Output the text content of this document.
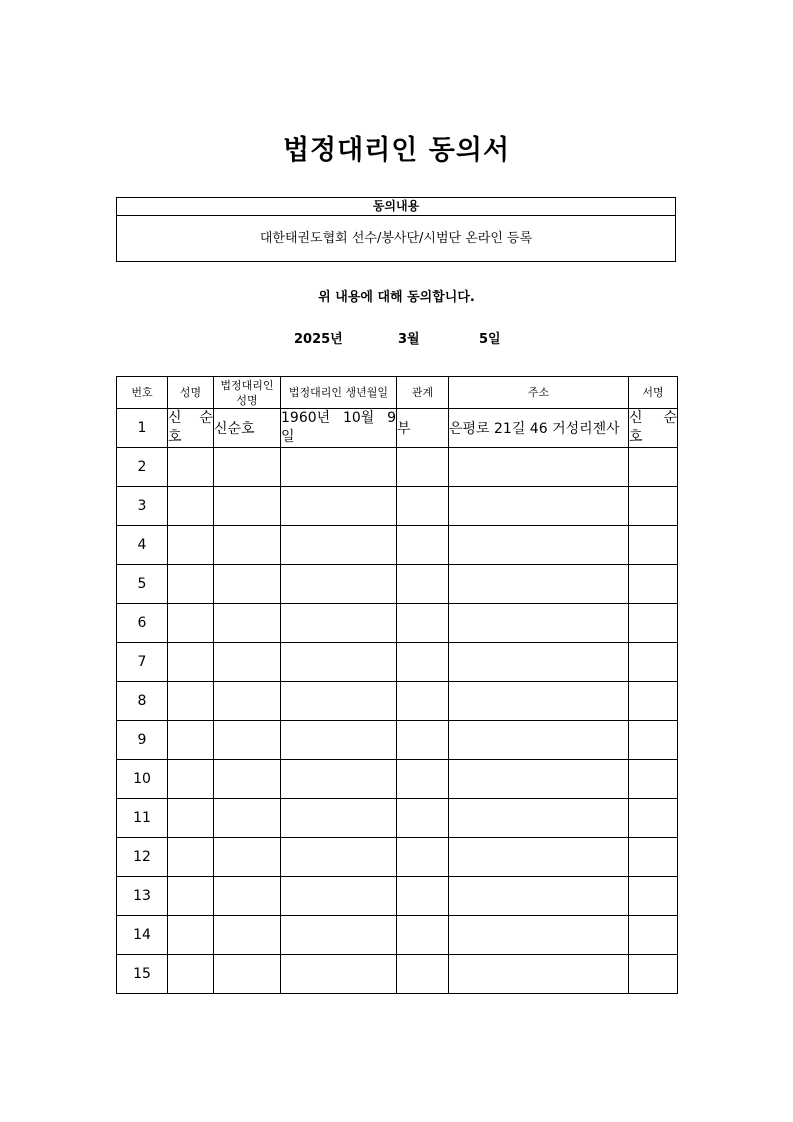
법정대리인 동의서
동의내용
대한태권도협회 선수/봉사단/시범단 온라인 등록
위 내용에 대해 동의합니다.
2025년	3월	5일
번호	성명	법정대리인 성명	법정대리인 생년월일	관계	주소	서명
1	신 순 호	신순호	1960년 10월 9 일	부	은평로 21길 46 거성리젠사	신 순 호

2	

3	

4	

5	

6	

7	

8	

9	

10	

11	

12	

13	

14	

15	
